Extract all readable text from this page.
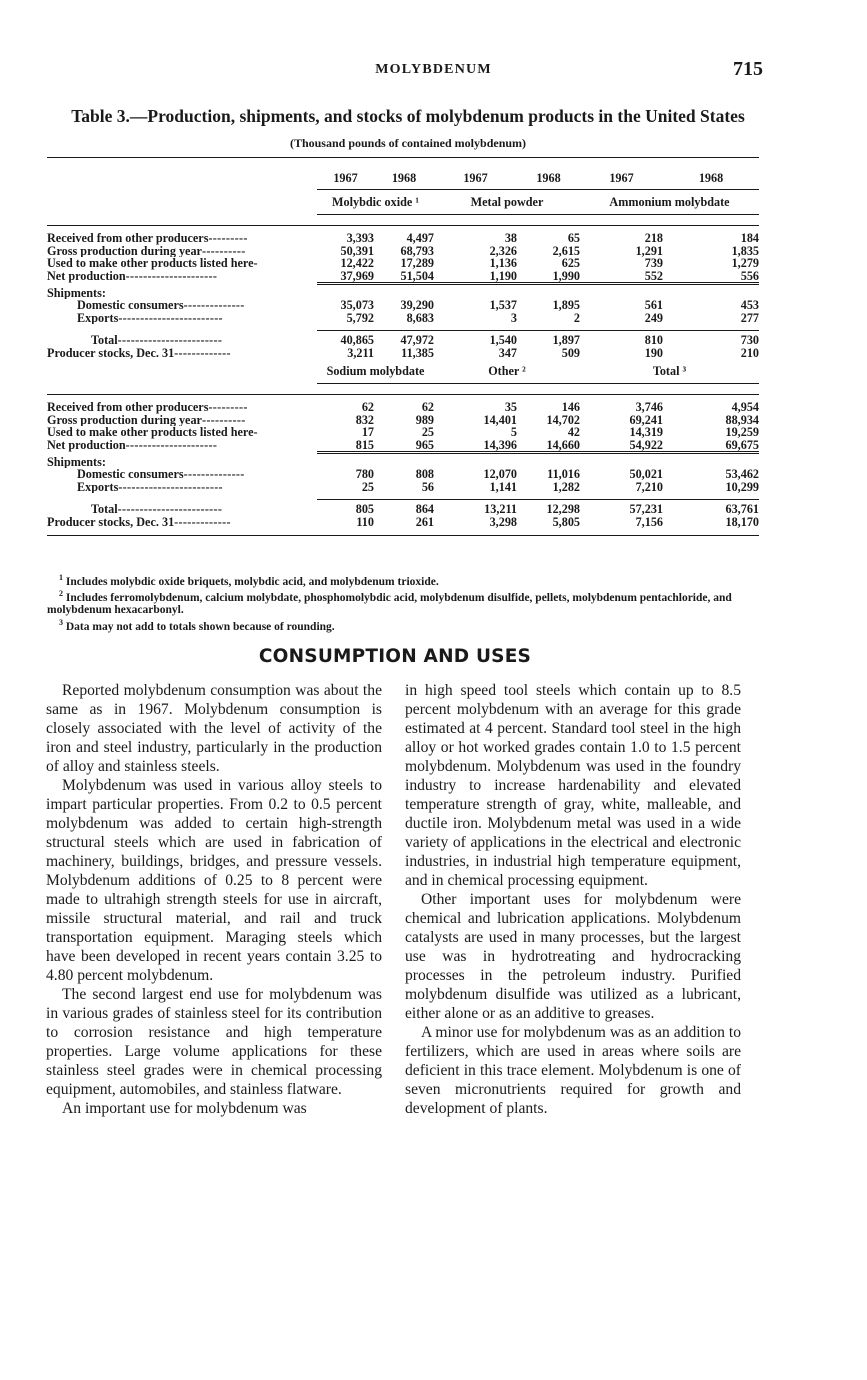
MOLYBDENUM	715
Table 3.—Production, shipments, and stocks of molybdenum products in the United States
(Thousand pounds of contained molybdenum)

	1967	1968	1967	1968	1967	1968
	Molybdic oxide ¹		Metal powder		Ammonium molybdate	

Received from other producers---------	3,393	4,497	38	65	218	184
Gross production during year----------	50,391	68,793	2,326	2,615	1,291	1,835
Used to make other products listed here-	12,422	17,289	1,136	625	739	1,279
Net production---------------------	37,969	51,504	1,190	1,990	552	556
Shipments:						
Domestic consumers--------------	35,073	39,290	1,537	1,895	561	453
Exports------------------------	5,792	8,683	3	2	249	277

Total------------------------	40,865	47,972	1,540	1,897	810	730
Producer stocks, Dec. 31-------------	3,211	11,385	347	509	190	210
	Sodium molybdate		Other ²		Total ³	

Received from other producers---------	62	62	35	146	3,746	4,954
Gross production during year----------	832	989	14,401	14,702	69,241	88,934
Used to make other products listed here-	17	25	5	42	14,319	19,259
Net production---------------------	815	965	14,396	14,660	54,922	69,675
Shipments:						
Domestic consumers--------------	780	808	12,070	11,016	50,021	53,462
Exports------------------------	25	56	1,141	1,282	7,210	10,299

Total------------------------	805	864	13,211	12,298	57,231	63,761
Producer stocks, Dec. 31-------------	110	261	3,298	5,805	7,156	18,170

$^1$ Includes molybdic oxide briquets, molybdic acid, and molybdenum trioxide.

$^2$ Includes ferromolybdenum, calcium molybdate, phosphomolybdic acid, molybdenum disulfide, pellets, molybdenum pentachloride, and molybdenum hexacarbonyl.

$^3$ Data may not add to totals shown because of rounding.

CONSUMPTION AND USES

Reported molybdenum consumption was about the same as in 1967. Molybdenum consumption is closely associated with the level of activity of the iron and steel industry, particularly in the production of alloy and stainless steels.

Molybdenum was used in various alloy steels to impart particular properties. From 0.2 to 0.5 percent molybdenum was added to certain high-strength structural steels which are used in fabrication of machinery, buildings, bridges, and pressure vessels. Molybdenum additions of 0.25 to 8 percent were made to ultrahigh strength steels for use in aircraft, missile structural material, and rail and truck transportation equipment. Maraging steels which have been developed in recent years contain 3.25 to 4.80 percent molybdenum.

The second largest end use for molybdenum was in various grades of stainless steel for its contribution to corrosion resistance and high temperature properties. Large volume applications for these stainless steel grades were in chemical processing equipment, automobiles, and stainless flatware.

An important use for molybdenum was

in high speed tool steels which contain up to 8.5 percent molybdenum with an average for this grade estimated at 4 percent. Standard tool steel in the high alloy or hot worked grades contain 1.0 to 1.5 percent molybdenum. Molybdenum was used in the foundry industry to increase hardenability and elevated temperature strength of gray, white, malleable, and ductile iron. Molybdenum metal was used in a wide variety of applications in the electrical and electronic industries, in industrial high temperature equipment, and in chemical processing equipment.

Other important uses for molybdenum were chemical and lubrication applications. Molybdenum catalysts are used in many processes, but the largest use was in hydrotreating and hydrocracking processes in the petroleum industry. Purified molybdenum disulfide was utilized as a lubricant, either alone or as an additive to greases.

A minor use for molybdenum was as an addition to fertilizers, which are used in areas where soils are deficient in this trace element. Molybdenum is one of seven micronutrients required for growth and development of plants.
